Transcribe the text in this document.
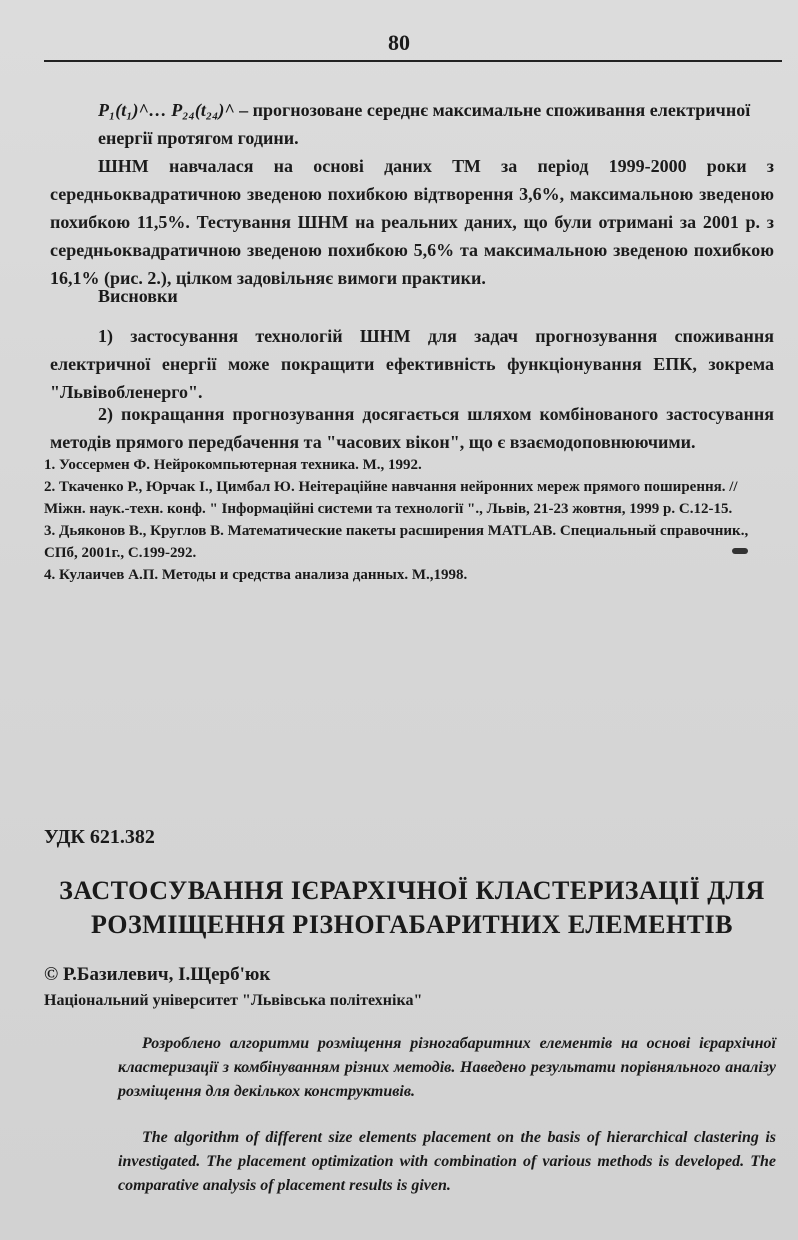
80
P₁(t₁)^… P₂₄(t₂₄)^ – прогнозоване середнє максимальне споживання електричної енергії протягом години.
ШНМ навчалася на основі даних ТМ за період 1999-2000 роки з середньоквадратичною зведеною похибкою відтворення 3,6%, максимальною зведеною похибкою 11,5%. Тестування ШНМ на реальних даних, що були отримані за 2001 р. з середньоквадратичною зведеною похибкою 5,6% та максимальною зведеною похибкою 16,1% (рис. 2.), цілком задовільняє вимоги практики.
Висновки
1) застосування технологій ШНМ для задач прогнозування споживання електричної енергії може покращити ефективність функціонування ЕПК, зокрема "Львівобленерго".
2) покращання прогнозування досягається шляхом комбінованого застосування методів прямого передбачення та "часових вікон", що є взаємодоповнюючими.

1. Уоссермен Ф. Нейрокомпьютерная техника. М., 1992.

2. Ткаченко Р., Юрчак І., Цимбал Ю. Неітераційне навчання нейронних мереж прямого поширення. // Міжн. наук.-техн. конф. " Інформаційні системи та технології "., Львів, 21-23 жовтня, 1999 р. С.12-15.

3. Дьяконов В., Круглов В. Математические пакеты расширения MATLAB. Специальный справочник., СПб, 2001г., С.199-292.

4. Кулаичев А.П. Методы и средства анализа данных. М.,1998.

УДК 621.382
ЗАСТОСУВАННЯ ІЄРАРХІЧНОЇ КЛАСТЕРИЗАЦІЇ ДЛЯ РОЗМІЩЕННЯ РІЗНОГАБАРИТНИХ ЕЛЕМЕНТІВ
© Р.Базилевич, І.Щерб'юк
Національний університет "Львівська політехніка"
Розроблено алгоритми розміщення різногабаритних елементів на основі ієрархічної кластеризації з комбінуванням різних методів. Наведено результати порівняльного аналізу розміщення для декількох конструктивів.
The algorithm of different size elements placement on the basis of hierarchical clastering is investigated. The placement optimization with combination of various methods is developed. The comparative analysis of placement results is given.
